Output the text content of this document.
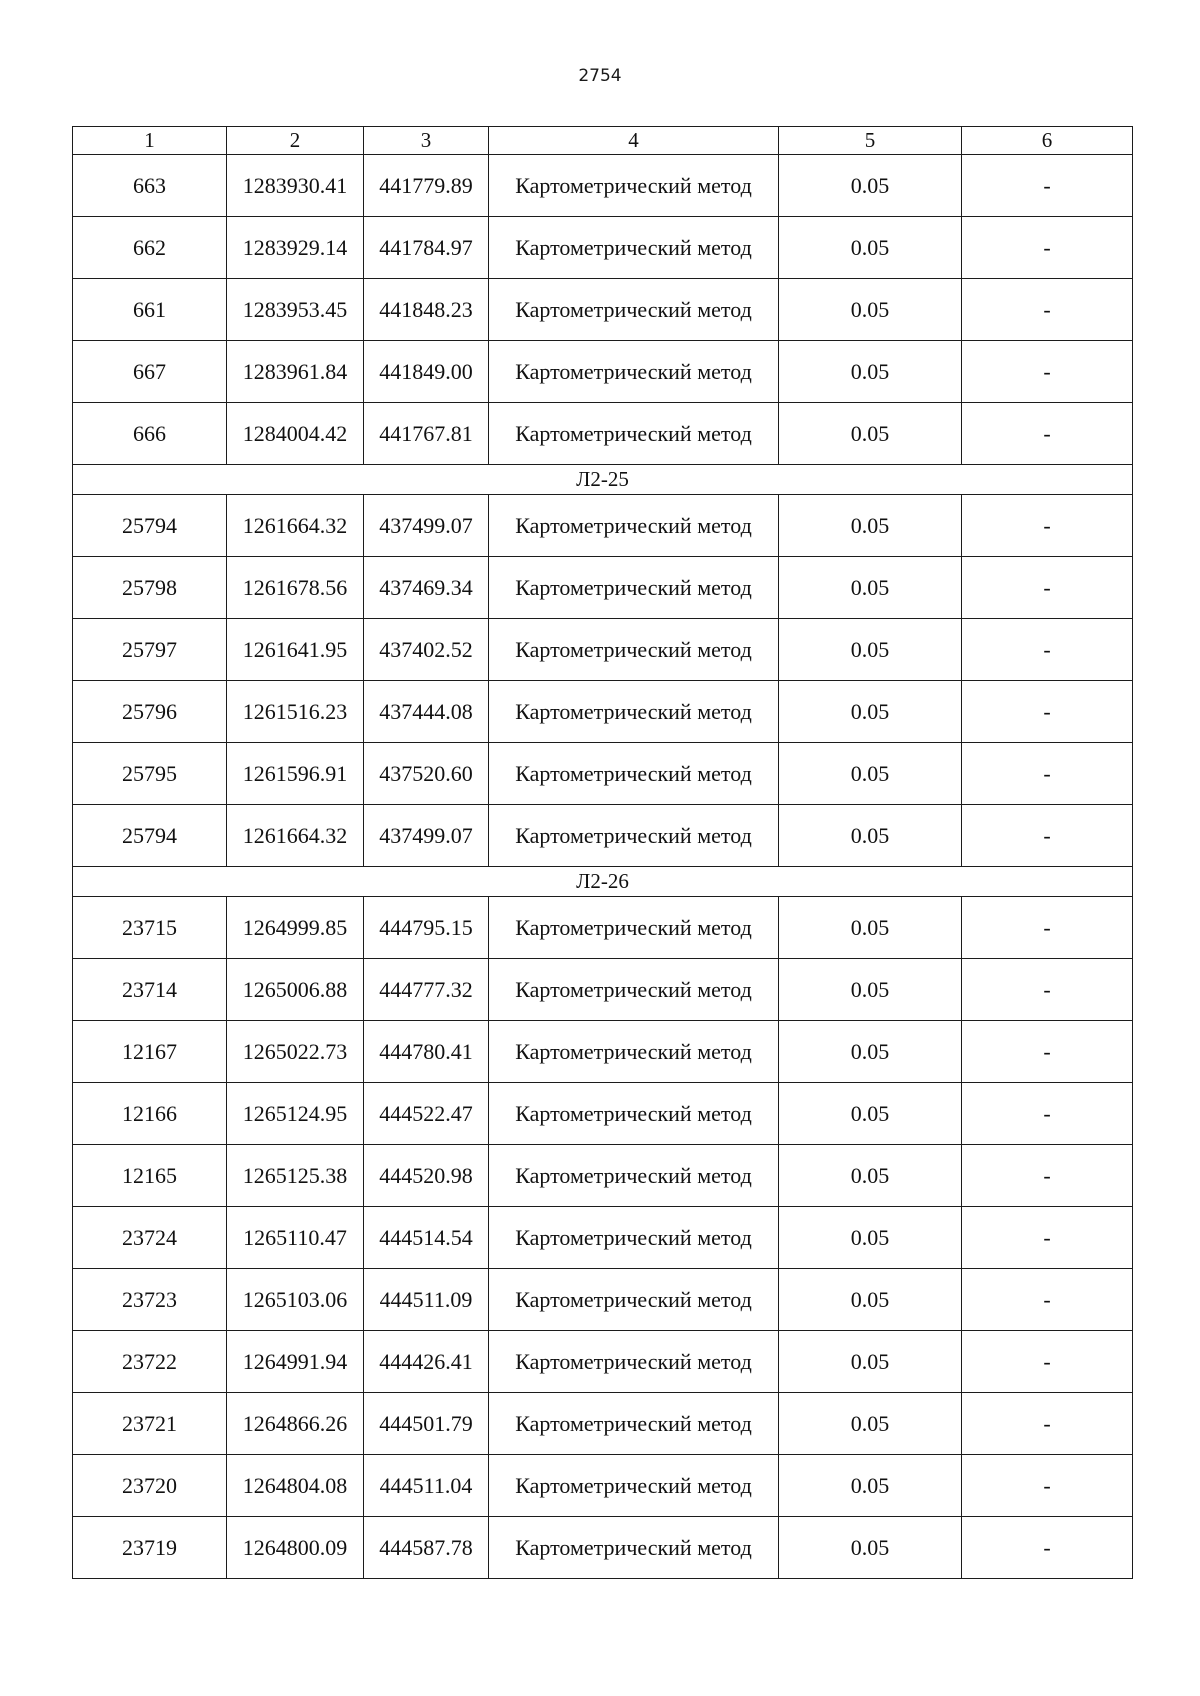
2754
1	2	3	4	5	6
663	1283930.41	441779.89	Картометрический метод	0.05	-
662	1283929.14	441784.97	Картометрический метод	0.05	-
661	1283953.45	441848.23	Картометрический метод	0.05	-
667	1283961.84	441849.00	Картометрический метод	0.05	-
666	1284004.42	441767.81	Картометрический метод	0.05	-
Л2-25					
25794	1261664.32	437499.07	Картометрический метод	0.05	-
25798	1261678.56	437469.34	Картометрический метод	0.05	-
25797	1261641.95	437402.52	Картометрический метод	0.05	-
25796	1261516.23	437444.08	Картометрический метод	0.05	-
25795	1261596.91	437520.60	Картометрический метод	0.05	-
25794	1261664.32	437499.07	Картометрический метод	0.05	-
Л2-26					
23715	1264999.85	444795.15	Картометрический метод	0.05	-
23714	1265006.88	444777.32	Картометрический метод	0.05	-
12167	1265022.73	444780.41	Картометрический метод	0.05	-
12166	1265124.95	444522.47	Картометрический метод	0.05	-
12165	1265125.38	444520.98	Картометрический метод	0.05	-
23724	1265110.47	444514.54	Картометрический метод	0.05	-
23723	1265103.06	444511.09	Картометрический метод	0.05	-
23722	1264991.94	444426.41	Картометрический метод	0.05	-
23721	1264866.26	444501.79	Картометрический метод	0.05	-
23720	1264804.08	444511.04	Картометрический метод	0.05	-
23719	1264800.09	444587.78	Картометрический метод	0.05	-
